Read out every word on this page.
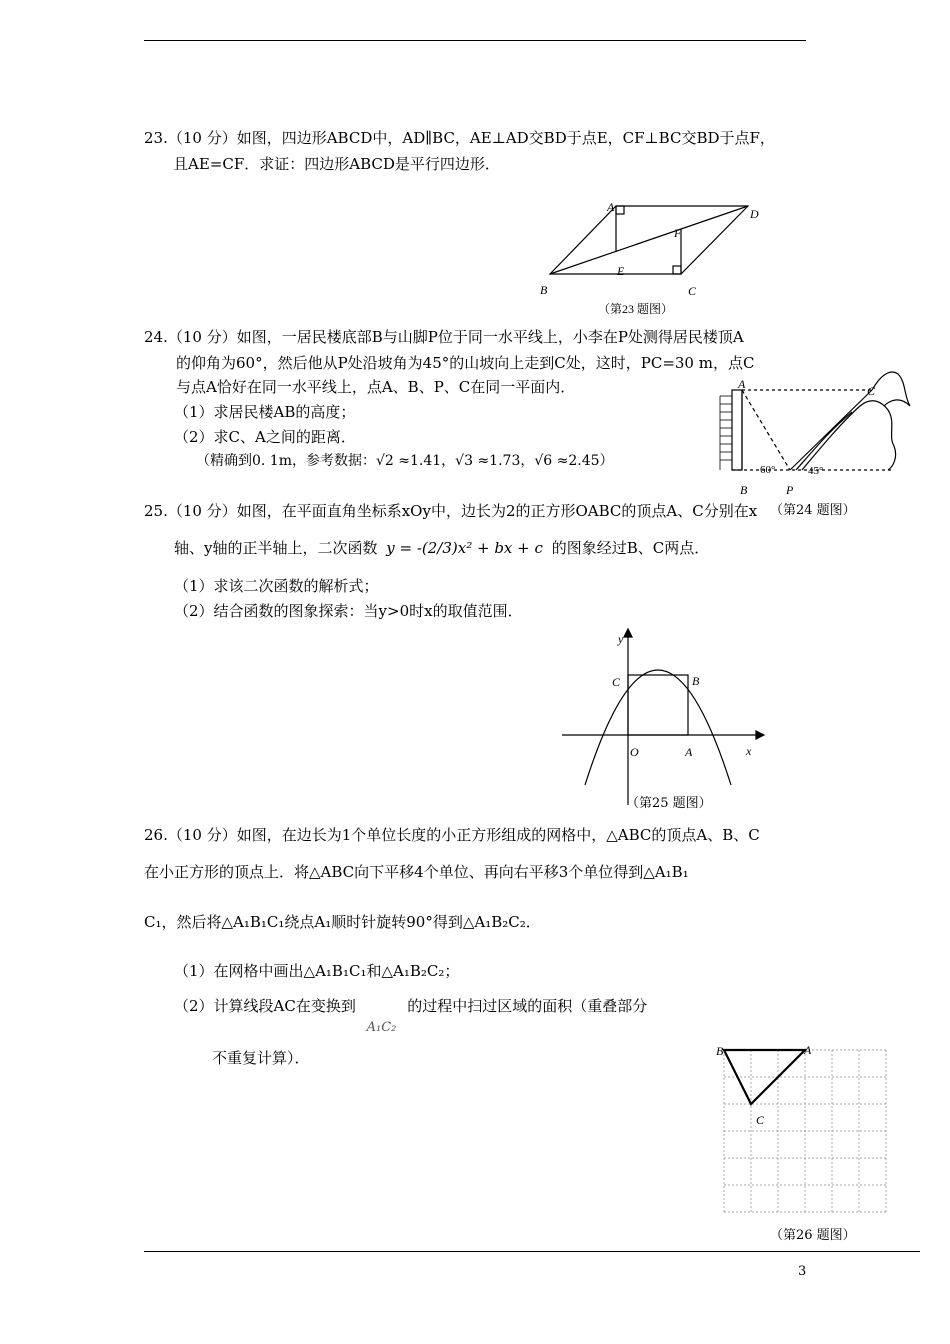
23.（10 分）如图，四边形ABCD中，AD∥BC，AE⊥AD交BD于点E，CF⊥BC交BD于点F，
且AE=CF．求证：四边形ABCD是平行四边形．
A	D
F
E
B	C
（第23 题图）
24.（10 分）如图，一居民楼底部B与山脚P位于同一水平线上，小李在P处测得居民楼顶A
的仰角为60°，然后他从P处沿坡角为45°的山坡向上走到C处，这时，PC=30 m，点C
与点A恰好在同一水平线上，点A、B、P、C在同一平面内．
（1）求居民楼AB的高度；
（2）求C、A之间的距离．
（精确到0. 1m，参考数据：√2 ≈1.41，√3 ≈1.73，√6 ≈2.45）
A	C
60°	45°
B	P
（第24 题图）
25.（10 分）如图，在平面直角坐标系xOy中，边长为2的正方形OABC的顶点A、C分别在x
轴、y轴的正半轴上，二次函数 y = -(2/3)x² + bx + c 的图象经过B、C两点．
（1）求该二次函数的解析式；
（2）结合函数的图象探索：当y>0时x的取值范围．
y
x
O	A
B
C
（第25 题图）
26.（10 分）如图，在边长为1个单位长度的小正方形组成的网格中，△ABC的顶点A、B、C
在小正方形的顶点上．将△ABC向下平移4个单位、再向右平移3个单位得到△A₁B₁
C₁，然后将△A₁B₁C₁绕点A₁顺时针旋转90°得到△A₁B₂C₂．
（1）在网格中画出△A₁B₁C₁和△A₁B₂C₂；
（2）计算线段AC在变换到 A₁C₂ 的过程中扫过区域的面积（重叠部分
不重复计算）．	B	A
C
（第26 题图）
3
